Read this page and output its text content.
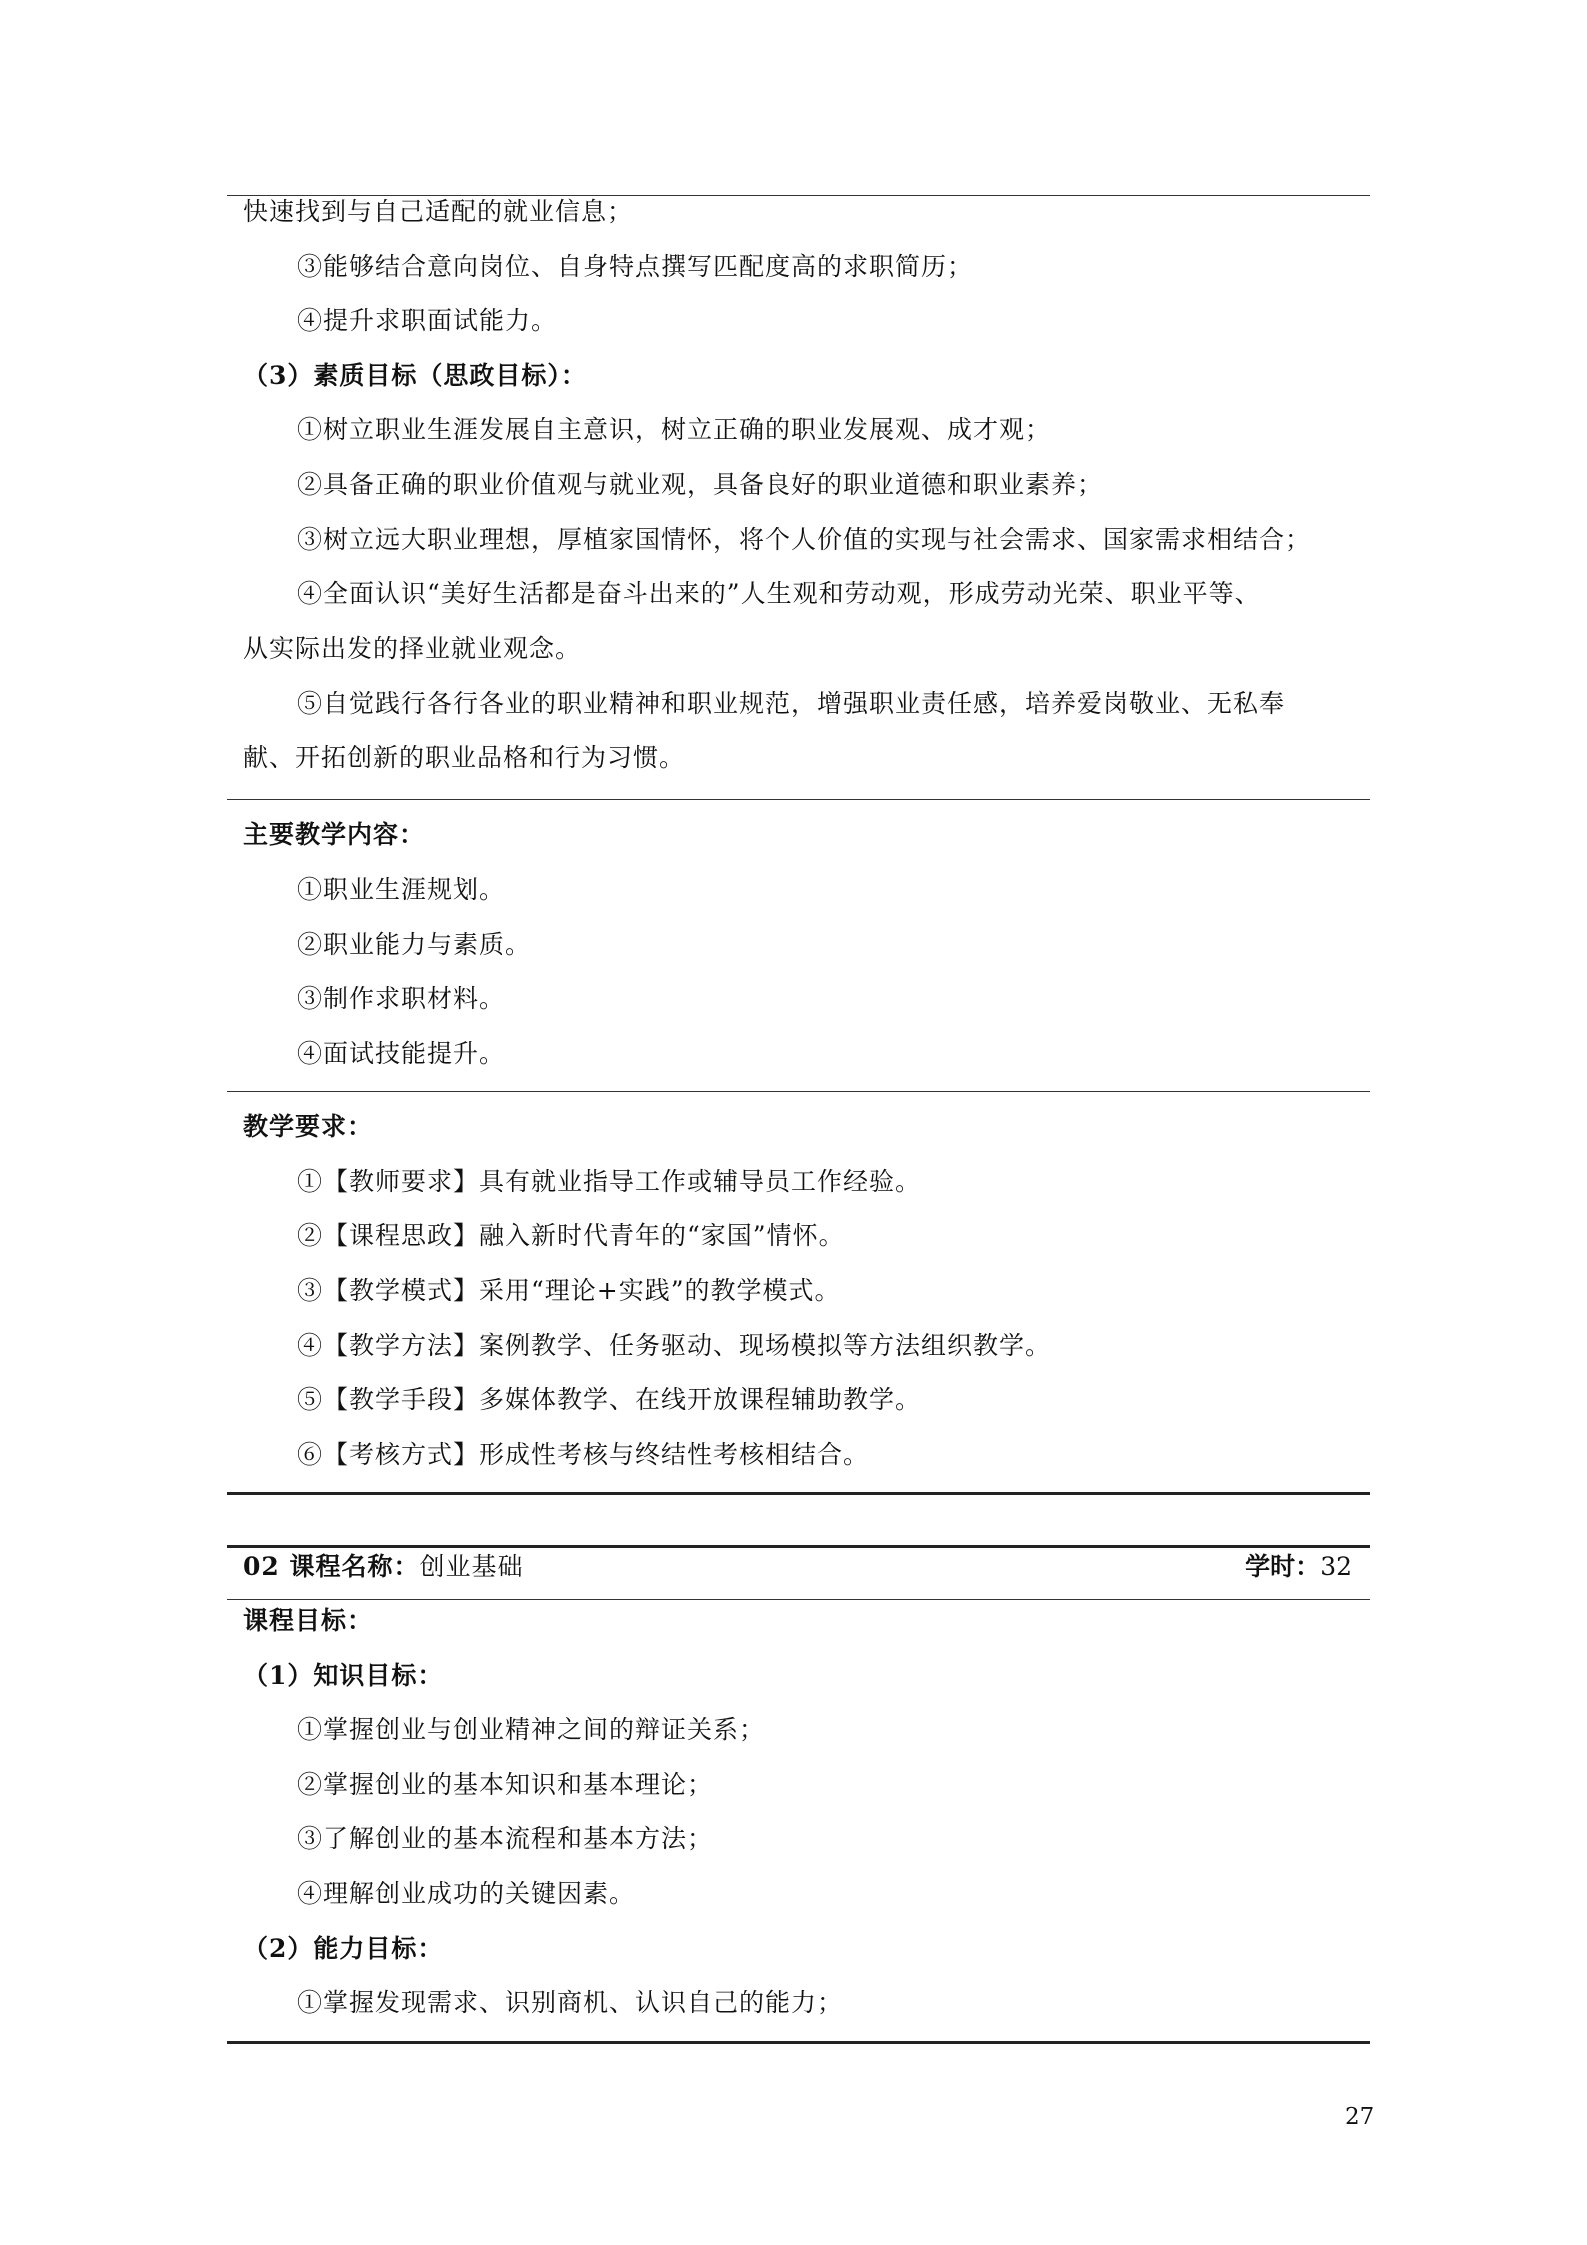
快速找到与自己适配的就业信息；
③能够结合意向岗位、自身特点撰写匹配度高的求职简历；
④提升求职面试能力。
（3）素质目标（思政目标）：
①树立职业生涯发展自主意识，树立正确的职业发展观、成才观；
②具备正确的职业价值观与就业观，具备良好的职业道德和职业素养；
③树立远大职业理想，厚植家国情怀，将个人价值的实现与社会需求、国家需求相结合；
④全面认识“美好生活都是奋斗出来的”人生观和劳动观，形成劳动光荣、职业平等、
从实际出发的择业就业观念。
⑤自觉践行各行各业的职业精神和职业规范，增强职业责任感，培养爱岗敬业、无私奉
献、开拓创新的职业品格和行为习惯。
主要教学内容：
①职业生涯规划。
②职业能力与素质。
③制作求职材料。
④面试技能提升。
教学要求：
①【教师要求】具有就业指导工作或辅导员工作经验。
②【课程思政】融入新时代青年的“家国”情怀。
③【教学模式】采用“理论+实践”的教学模式。
④【教学方法】案例教学、任务驱动、现场模拟等方法组织教学。
⑤【教学手段】多媒体教学、在线开放课程辅助教学。
⑥【考核方式】形成性考核与终结性考核相结合。
02 课程名称：创业基础	学时：32
课程目标：
（1）知识目标：
①掌握创业与创业精神之间的辩证关系；
②掌握创业的基本知识和基本理论；
③了解创业的基本流程和基本方法；
④理解创业成功的关键因素。
（2）能力目标：
①掌握发现需求、识别商机、认识自己的能力；
27
